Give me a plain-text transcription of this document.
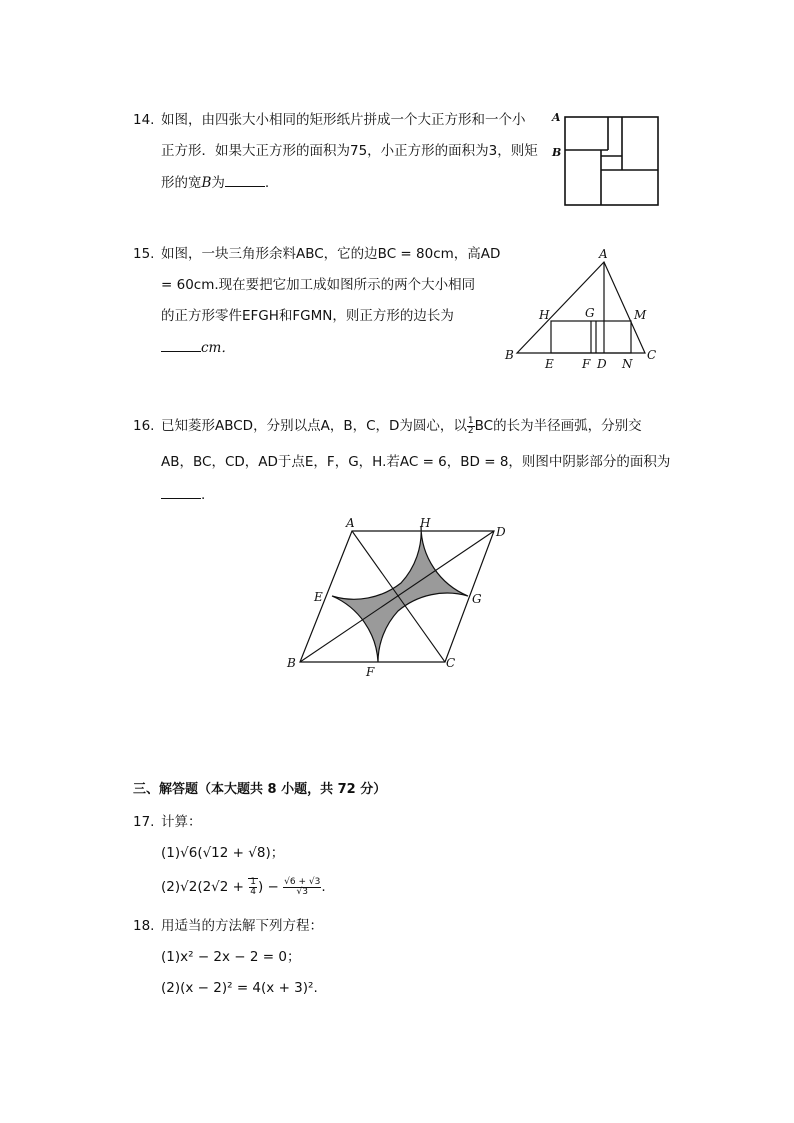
14. 如图，由四张大小相同的矩形纸片拼成一个大正方形和一个小
正方形．如果大正方形的面积为75，小正方形的面积为3，则矩
形的宽B为	.
A
B
15. 如图，一块三角形余料ABC，它的边BC = 80cm，高AD
= 60cm.现在要把它加工成如图所示的两个大小相同
的正方形零件EFGH和FGMN，则正方形的边长为
cm．
A
B	C
D
E F
G
H	M
N
16. 已知菱形ABCD，分别以点A，B，C，D为圆心，以 $\frac{1}{2}$ BC的长为半径画弧，分别交
AB，BC，CD，AD于点E，F，G，H.若AC = 6，BD = 8，则图中阴影部分的面积为
.
A
B	C
D
E
F
G
H
三、解答题（本大题共 8 小题，共 72 分）
17. 计算：
(1)√6(√12 + √8)；
$(2)√2(2√2 + \frac{1}{4}$ ) − $\frac{√6 + √3}{√3}$ .
18. 用适当的方法解下列方程：
(1)x² − 2x − 2 = 0；
(2)(x − 2)² = 4(x + 3)².
